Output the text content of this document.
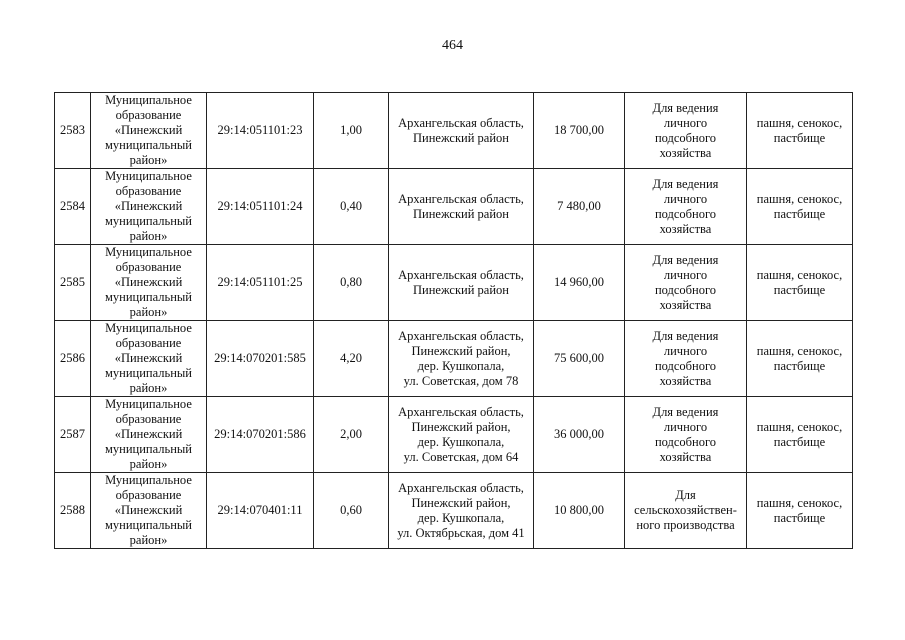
464
2583	Муниципальное
образование
«Пинежский
муниципальный
район»	29:14:051101:23	1,00	Архангельская область,
Пинежский район	18 700,00	Для ведения
личного
подсобного
хозяйства	пашня, сенокос,
пастбище

2584	Муниципальное
образование
«Пинежский
муниципальный
район»	29:14:051101:24	0,40	Архангельская область,
Пинежский район	7 480,00	Для ведения
личного
подсобного
хозяйства	пашня, сенокос,
пастбище

2585	Муниципальное
образование
«Пинежский
муниципальный
район»	29:14:051101:25	0,80	Архангельская область,
Пинежский район	14 960,00	Для ведения
личного
подсобного
хозяйства	пашня, сенокос,
пастбище

2586	Муниципальное
образование
«Пинежский
муниципальный
район»	29:14:070201:585	4,20	Архангельская область,
Пинежский район,
дер. Кушкопала,
ул. Советская, дом 78	75 600,00	Для ведения
личного
подсобного
хозяйства	пашня, сенокос,
пастбище

2587	Муниципальное
образование
«Пинежский
муниципальный
район»	29:14:070201:586	2,00	Архангельская область,
Пинежский район,
дер. Кушкопала,
ул. Советская, дом 64	36 000,00	Для ведения
личного
подсобного
хозяйства	пашня, сенокос,
пастбище

2588	Муниципальное
образование
«Пинежский
муниципальный
район»	29:14:070401:11	0,60	Архангельская область,
Пинежский район,
дер. Кушкопала,
ул. Октябрьская, дом 41	10 800,00	Для
сельскохозяйствен-
ного производства	пашня, сенокос,
пастбище
